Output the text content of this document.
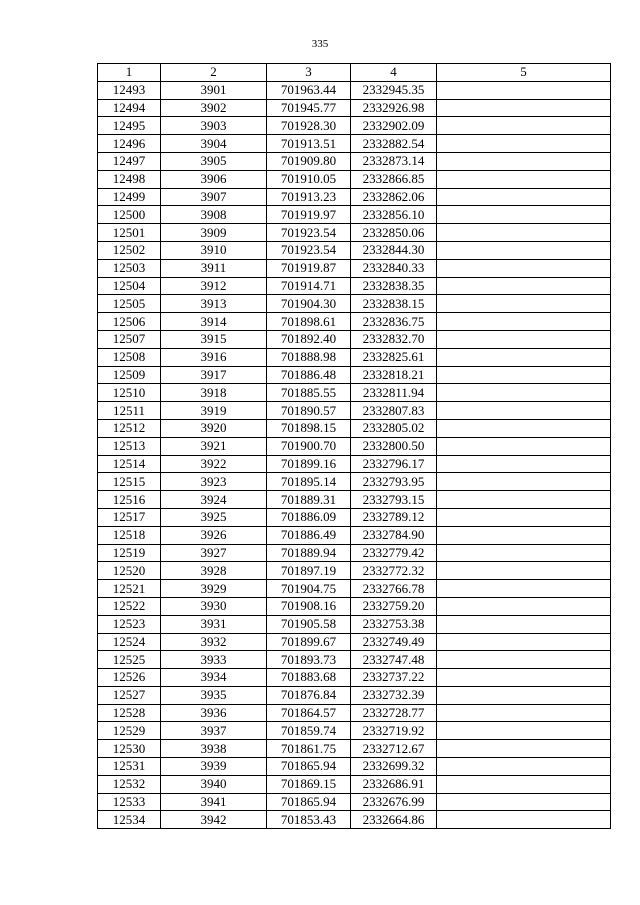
335
1	2	3	4	5
12493	3901	701963.44	2332945.35	
12494	3902	701945.77	2332926.98	
12495	3903	701928.30	2332902.09	
12496	3904	701913.51	2332882.54	
12497	3905	701909.80	2332873.14	
12498	3906	701910.05	2332866.85	
12499	3907	701913.23	2332862.06	
12500	3908	701919.97	2332856.10	
12501	3909	701923.54	2332850.06	
12502	3910	701923.54	2332844.30	
12503	3911	701919.87	2332840.33	
12504	3912	701914.71	2332838.35	
12505	3913	701904.30	2332838.15	
12506	3914	701898.61	2332836.75	
12507	3915	701892.40	2332832.70	
12508	3916	701888.98	2332825.61	
12509	3917	701886.48	2332818.21	
12510	3918	701885.55	2332811.94	
12511	3919	701890.57	2332807.83	
12512	3920	701898.15	2332805.02	
12513	3921	701900.70	2332800.50	
12514	3922	701899.16	2332796.17	
12515	3923	701895.14	2332793.95	
12516	3924	701889.31	2332793.15	
12517	3925	701886.09	2332789.12	
12518	3926	701886.49	2332784.90	
12519	3927	701889.94	2332779.42	
12520	3928	701897.19	2332772.32	
12521	3929	701904.75	2332766.78	
12522	3930	701908.16	2332759.20	
12523	3931	701905.58	2332753.38	
12524	3932	701899.67	2332749.49	
12525	3933	701893.73	2332747.48	
12526	3934	701883.68	2332737.22	
12527	3935	701876.84	2332732.39	
12528	3936	701864.57	2332728.77	
12529	3937	701859.74	2332719.92	
12530	3938	701861.75	2332712.67	
12531	3939	701865.94	2332699.32	
12532	3940	701869.15	2332686.91	
12533	3941	701865.94	2332676.99	
12534	3942	701853.43	2332664.86	
